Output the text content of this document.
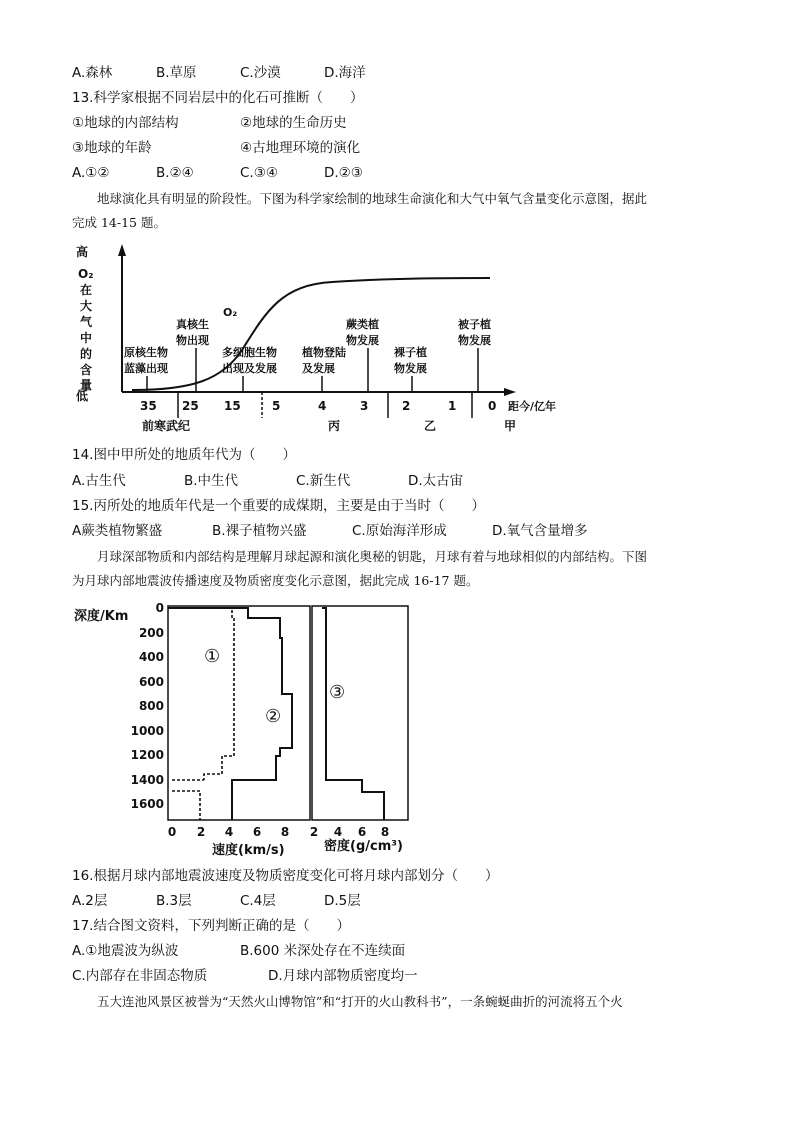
A.森林	B.草原	C.沙漠	D.海洋
13.科学家根据不同岩层中的化石可推断（　　）
①地球的内部结构	②地球的生命历史
③地球的年龄	④古地理环境的演化
A.①②	B.②④	C.③④	D.②③
地球演化具有明显的阶段性。下图为科学家绘制的地球生命演化和大气中氧气含量变化示意图，据此
完成 14-15 题。
高
低
O₂
在
大
气
中
的
含
量
O₂
原核生物
蓝藻出现
真核生
物出现
多细胞生物
出现及发展
植物登陆
及发展
蕨类植
物发展
裸子植
物发展
被子植
物发展
35 25 15	5	4	3	2	1	0 距今/亿年
前寒武纪	丙	乙	甲
14.图中甲所处的地质年代为（　　）
A.古生代	B.中生代	C.新生代	D.太古宙
15.丙所处的地质年代是一个重要的成煤期，主要是由于当时（　　）
A蕨类植物繁盛	B.裸子植物兴盛	C.原始海洋形成	D.氧气含量增多
月球深部物质和内部结构是理解月球起源和演化奥秘的钥匙，月球有着与地球相似的内部结构。下图
为月球内部地震波传播速度及物质密度变化示意图，据此完成 16-17 题。
深度/Km
0
200
400
600
800
1000
1200
1400
1600
①
②
③
0 2 4 6 8 2 4 6 8
速度(km/s)	密度(g/cm³)
16.根据月球内部地震波速度及物质密度变化可将月球内部划分（　　）
A.2层	B.3层	C.4层	D.5层
17.结合图文资料，下列判断正确的是（　　）
A.①地震波为纵波	B.600 米深处存在不连续面
C.内部存在非固态物质	D.月球内部物质密度均一
五大连池风景区被誉为“天然火山博物馆”和“打开的火山教科书”，一条蜿蜒曲折的河流将五个火
